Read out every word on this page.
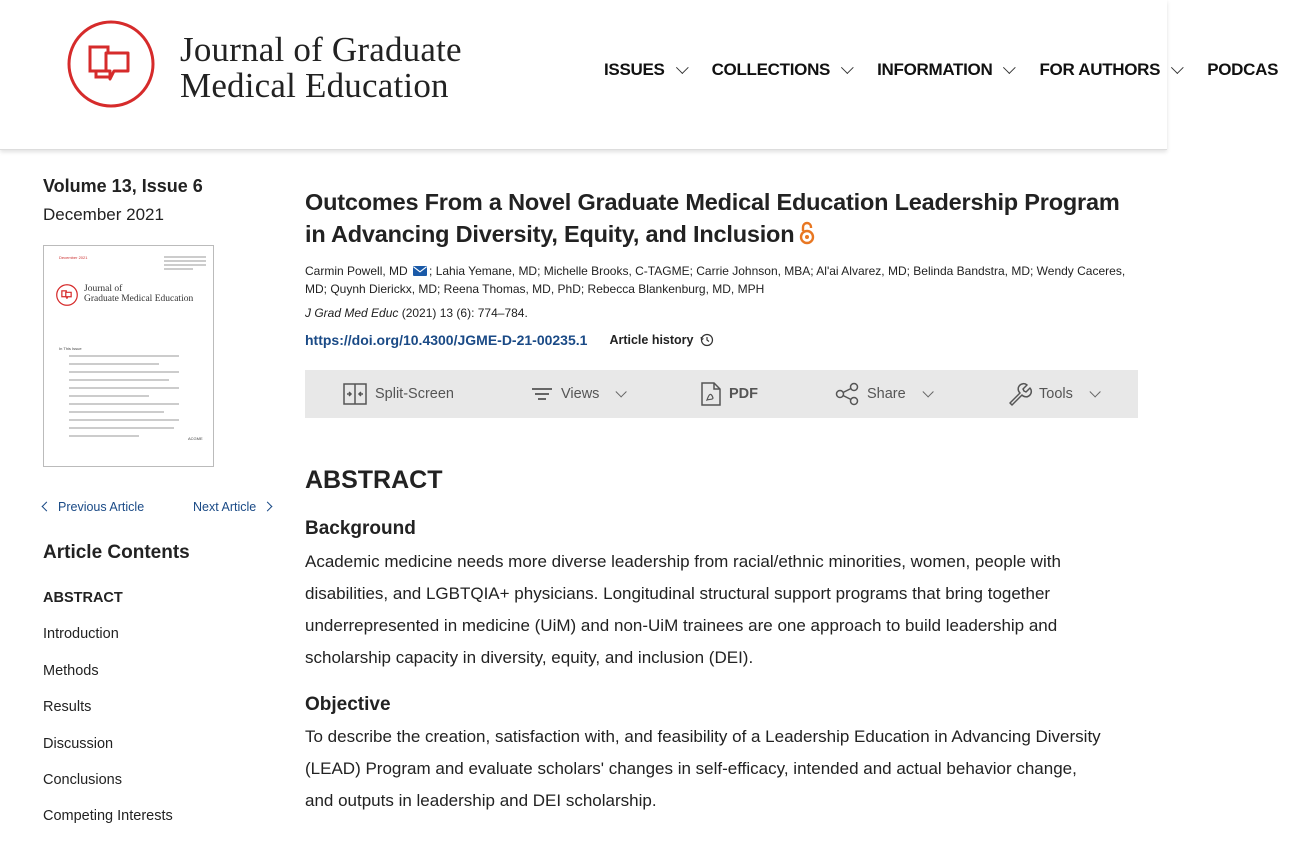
Journal of Graduate
Medical Education	ISSUES	COLLECTIONS	INFORMATION	FOR AUTHORS	PODCAS
Volume 13, Issue 6
December 2021
December 2021
Journal of
Graduate Medical Education
In This Issue
ACGME
Previous Article	Next Article
Article Contents
ABSTRACT
Introduction
Methods
Results
Discussion
Conclusions
Competing Interests
Outcomes From a Novel Graduate Medical Education Leadership Program in Advancing Diversity, Equity, and Inclusion
Carmin Powell, MD ; Lahia Yemane, MD; Michelle Brooks, C-TAGME; Carrie Johnson, MBA; Al'ai Alvarez, MD; Belinda Bandstra, MD; Wendy Caceres, MD; Quynh Dierickx, MD; Reena Thomas, MD, PhD; Rebecca Blankenburg, MD, MPH
J Grad Med Educ (2021) 13 (6): 774–784.
https://doi.org/10.4300/JGME-D-21-00235.1 Article history
Split-Screen	Views	PDF	Share	Tools
ABSTRACT
Background

Academic medicine needs more diverse leadership from racial/ethnic minorities, women, people with disabilities, and LGBTQIA+ physicians. Longitudinal structural support programs that bring together underrepresented in medicine (UiM) and non-UiM trainees are one approach to build leadership and scholarship capacity in diversity, equity, and inclusion (DEI).

Objective

To describe the creation, satisfaction with, and feasibility of a Leadership Education in Advancing Diversity (LEAD) Program and evaluate scholars' changes in self-efficacy, intended and actual behavior change, and outputs in leadership and DEI scholarship.
